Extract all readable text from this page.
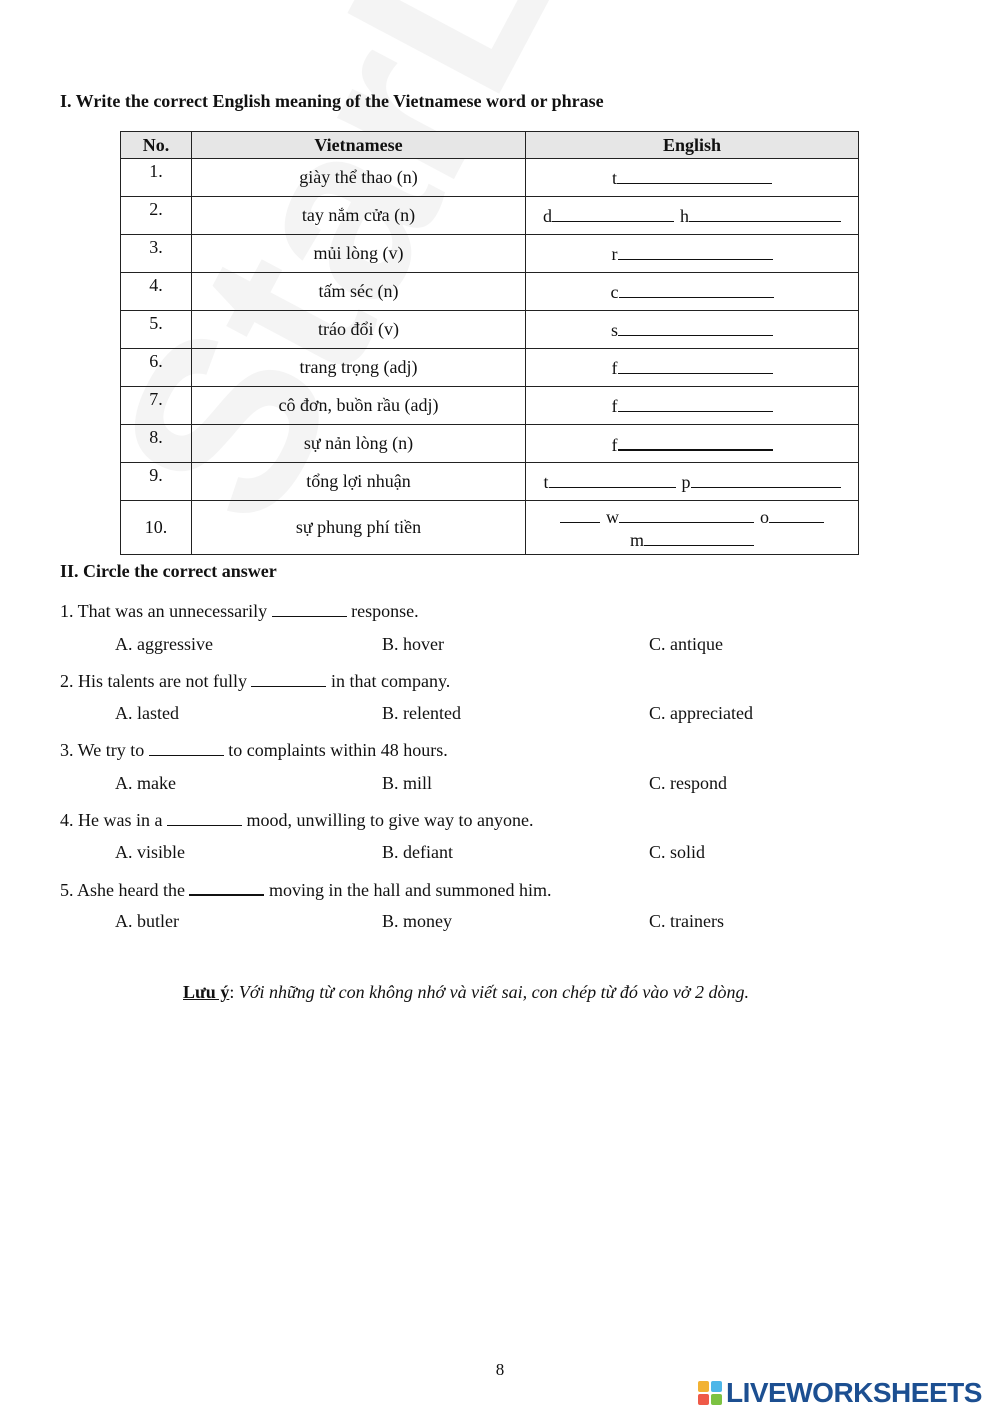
I. Write the correct English meaning of the Vietnamese word or phrase
No.	Vietnamese	English
1.	giày thể thao (n)	t
2.	tay nắm cửa (n)	d h
3.	mủi lòng (v)	r
4.	tấm séc (n)	c
5.	tráo đổi (v)	s
6.	trang trọng (adj)	f
7.	cô đơn, buồn rầu (adj)	f
8.	sự nản lòng (n)	f
9.	tổng lợi nhuận	t p
10.	sự phung phí tiền	w o
m
II. Circle the correct answer
1. That was an unnecessarily	response.
A. aggressive	B. hover	C. antique
2. His talents are not fully	in that company.
A. lasted	B. relented	C. appreciated
3. We try to	to complaints within 48 hours.
A. make	B. mill	C. respond
4. He was in a	mood, unwilling to give way to anyone.
A. visible	B. defiant	C. solid
5. Ashe heard the	moving in the hall and summoned him.
A. butler	B. money	C. trainers
Lưu ý: Với những từ con không nhớ và viết sai, con chép từ đó vào vở 2 dòng.
8
LIVEWORKSHEETS
